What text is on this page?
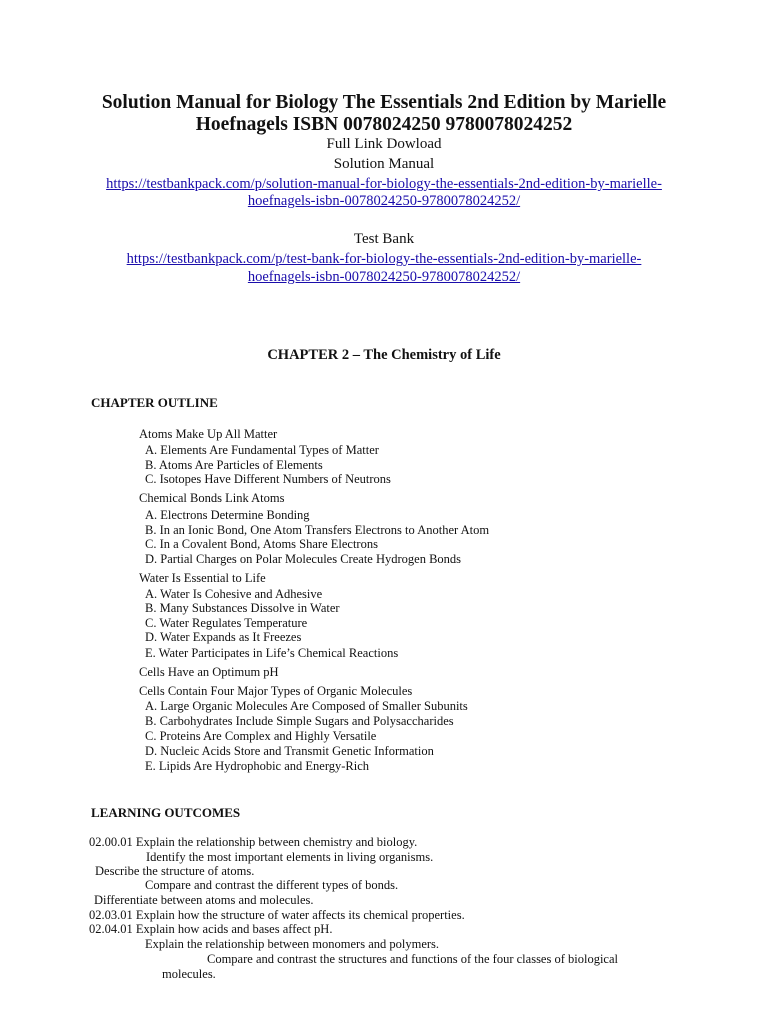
Solution Manual for Biology The Essentials 2nd Edition by Marielle
Hoefnagels ISBN 0078024250 9780078024252
Full Link Dowload
Solution Manual
https://testbankpack.com/p/solution-manual-for-biology-the-essentials-2nd-edition-by-marielle-
hoefnagels-isbn-0078024250-9780078024252/
Test Bank
https://testbankpack.com/p/test-bank-for-biology-the-essentials-2nd-edition-by-marielle-
hoefnagels-isbn-0078024250-9780078024252/
CHAPTER 2 – The Chemistry of Life
CHAPTER OUTLINE
Atoms Make Up All Matter
A. Elements Are Fundamental Types of Matter
B. Atoms Are Particles of Elements
C. Isotopes Have Different Numbers of Neutrons
Chemical Bonds Link Atoms
A. Electrons Determine Bonding
B. In an Ionic Bond, One Atom Transfers Electrons to Another Atom
C. In a Covalent Bond, Atoms Share Electrons
D. Partial Charges on Polar Molecules Create Hydrogen Bonds
Water Is Essential to Life
A. Water Is Cohesive and Adhesive
B. Many Substances Dissolve in Water
C. Water Regulates Temperature
D. Water Expands as It Freezes
E. Water Participates in Life’s Chemical Reactions
Cells Have an Optimum pH
Cells Contain Four Major Types of Organic Molecules
A. Large Organic Molecules Are Composed of Smaller Subunits
B. Carbohydrates Include Simple Sugars and Polysaccharides
C. Proteins Are Complex and Highly Versatile
D. Nucleic Acids Store and Transmit Genetic Information
E. Lipids Are Hydrophobic and Energy-Rich
LEARNING OUTCOMES
02.00.01 Explain the relationship between chemistry and biology.
Identify the most important elements in living organisms.
Describe the structure of atoms.
Compare and contrast the different types of bonds.
Differentiate between atoms and molecules.
02.03.01 Explain how the structure of water affects its chemical properties.
02.04.01 Explain how acids and bases affect pH.
Explain the relationship between monomers and polymers.
Compare and contrast the structures and functions of the four classes of biological
molecules.
